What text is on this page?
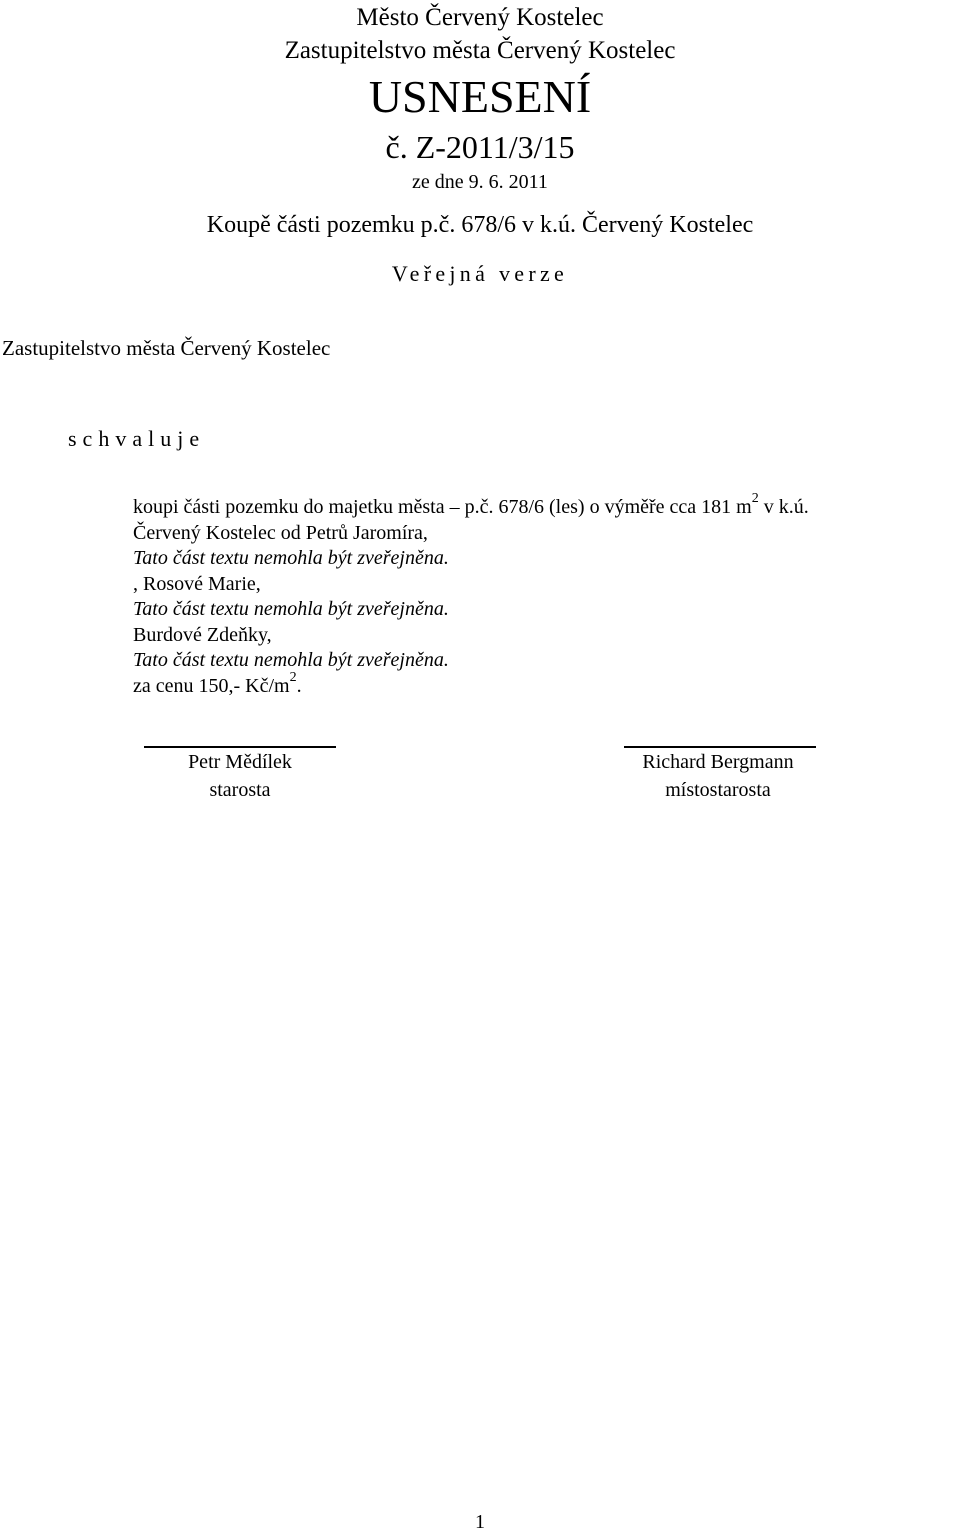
Město Červený Kostelec
Zastupitelstvo města Červený Kostelec
USNESENÍ
č. Z-2011/3/15
ze dne 9. 6. 2011
Koupě části pozemku p.č. 678/6 v k.ú. Červený Kostelec
Veřejná verze
Zastupitelstvo města Červený Kostelec
schvaluje
koupi části pozemku do majetku města – p.č. 678/6 (les) o výměře cca 181 $m^2$ v k.ú.
Červený Kostelec od Petrů Jaromíra,
Tato část textu nemohla být zveřejněna.
, Rosové Marie,
Tato část textu nemohla být zveřejněna.
Burdové Zdeňky,
Tato část textu nemohla být zveřejněna.
za cenu 150,- $Kč/m^2$.
Petr Mědílek
starosta
Richard Bergmann
místostarosta
1
